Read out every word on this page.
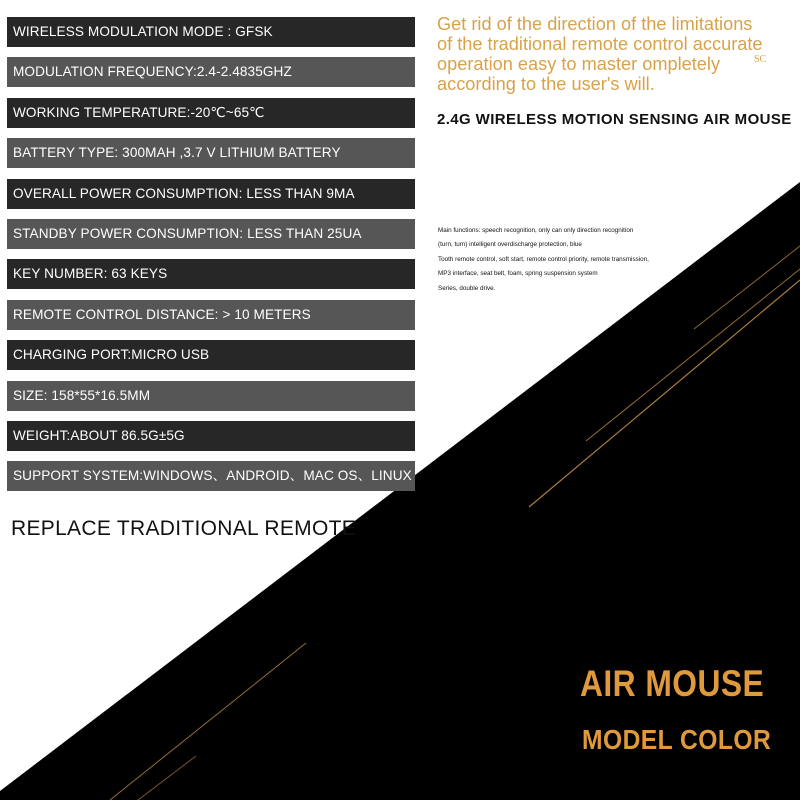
WIRELESS MODULATION MODE : GFSK
MODULATION FREQUENCY:2.4-2.4835GHZ
WORKING TEMPERATURE:-20℃~65℃
BATTERY TYPE: 300MAH ,3.7 V LITHIUM BATTERY
OVERALL POWER CONSUMPTION: LESS THAN 9MA
STANDBY POWER CONSUMPTION: LESS THAN 25UA
KEY NUMBER: 63 KEYS
REMOTE CONTROL DISTANCE: > 10 METERS
CHARGING PORT:MICRO USB
SIZE: 158*55*16.5MM
WEIGHT:ABOUT 86.5G±5G
SUPPORT SYSTEM:WINDOWS、ANDROID、MAC OS、LINUX
REPLACE TRADITIONAL REMOTE
Get rid of the direction of the limitations
of the traditional remote control accurate
operation easy to master ompletely
according to the user's will.
SC
2.4G WIRELESS MOTION SENSING AIR MOUSE
Main functions: speech recognition, only can only direction recognition
(turn, turn) intelligent overdischarge protection, blue
Tooth remote control, soft start, remote control priority, remote transmission,
MP3 interface, seat belt, foam, spring suspension system
Series, double drive.
AIR MOUSE
MODEL COLOR
